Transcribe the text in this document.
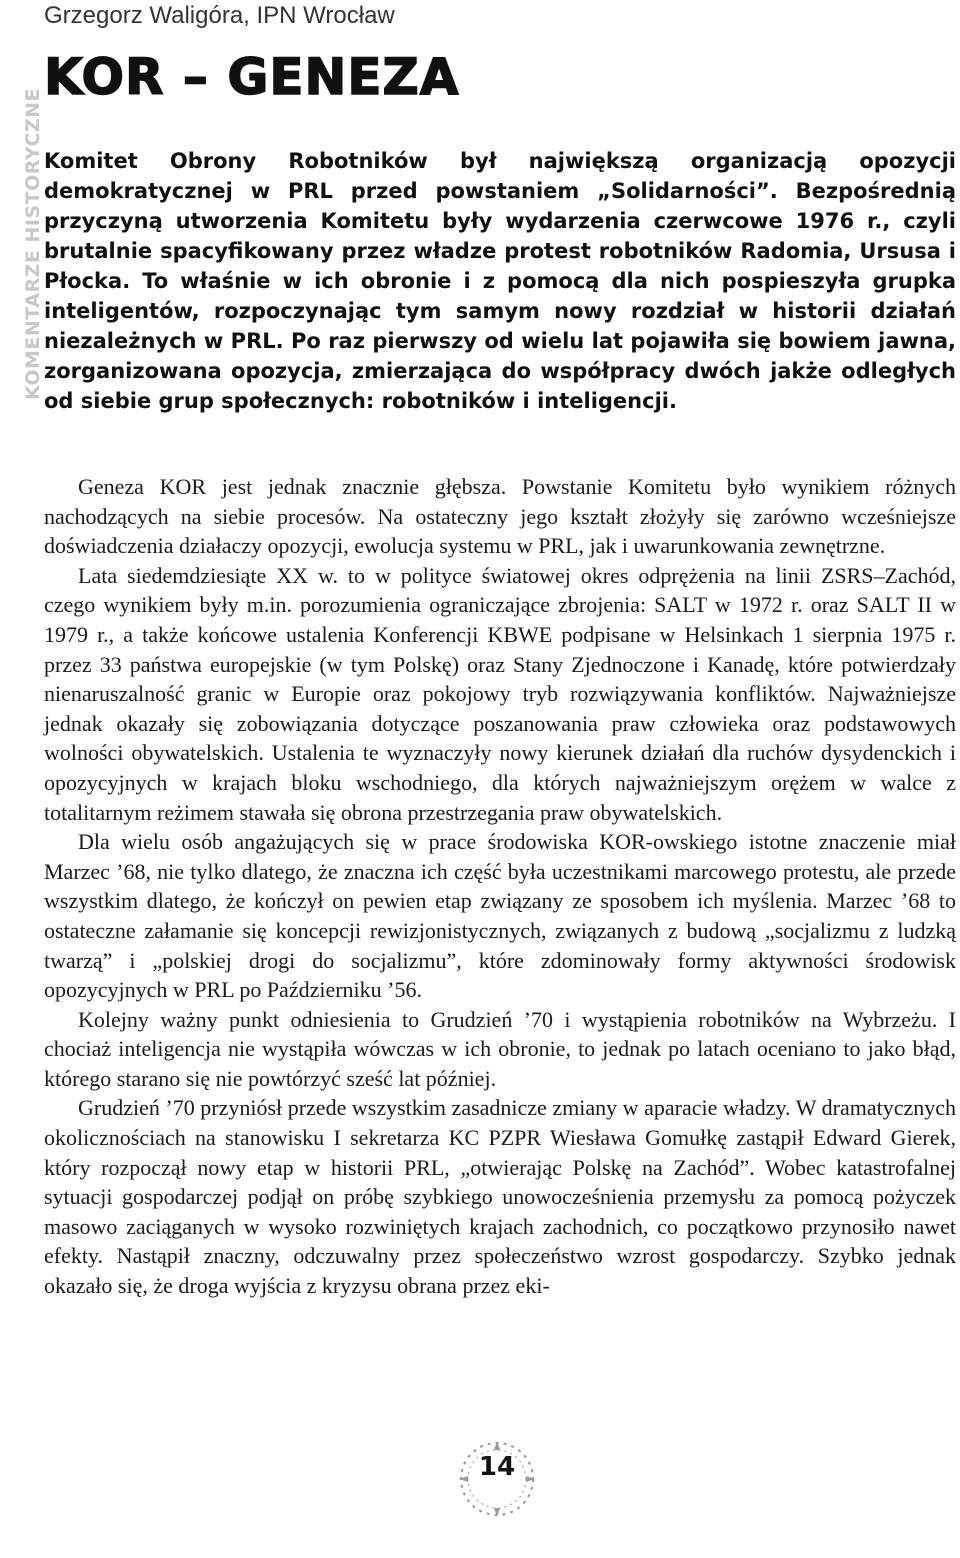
KOMENTARZE HISTORYCZNE
Grzegorz Waligóra, IPN Wrocław
KOR – GENEZA

Komitet Obrony Robotników był największą organizacją opozycji demokratycznej w PRL przed powstaniem „Solidarności”. Bezpośrednią przyczyną utworzenia Komitetu były wydarzenia czerwcowe 1976 r., czyli brutalnie spacyfikowany przez władze protest robotników Radomia, Ursusa i Płocka. To właśnie w ich obronie i z pomocą dla nich pospieszyła grupka inteligentów, rozpoczynając tym samym nowy rozdział w historii działań niezależnych w PRL. Po raz pierwszy od wielu lat pojawiła się bowiem jawna, zorganizowana opozycja, zmierzająca do współpracy dwóch jakże odległych od siebie grup społecznych: robotników i inteligencji.

Geneza KOR jest jednak znacznie głębsza. Powstanie Komitetu było wynikiem różnych nachodzących na siebie procesów. Na ostateczny jego kształt złożyły się zarówno wcześniejsze doświadczenia działaczy opozycji, ewolucja systemu w PRL, jak i uwarunkowania zewnętrzne.

Lata siedemdziesiąte XX w. to w polityce światowej okres odprężenia na linii ZSRS–Zachód, czego wynikiem były m.in. porozumienia ograniczające zbrojenia: SALT w 1972 r. oraz SALT II w 1979 r., a także końcowe ustalenia Konferencji KBWE podpisane w Helsinkach 1 sierpnia 1975 r. przez 33 państwa europejskie (w tym Polskę) oraz Stany Zjednoczone i Kanadę, które potwierdzały nienaruszalność granic w Europie oraz pokojowy tryb rozwiązywania konfliktów. Najważniejsze jednak okazały się zobowiązania dotyczące poszanowania praw człowieka oraz podstawowych wolności obywatelskich. Ustalenia te wyznaczyły nowy kierunek działań dla ruchów dysydenckich i opozycyjnych w krajach bloku wschodniego, dla których najważniejszym orężem w walce z totalitarnym reżimem stawała się obrona przestrzegania praw obywatelskich.

Dla wielu osób angażujących się w prace środowiska KOR-owskiego istotne znaczenie miał Marzec ’68, nie tylko dlatego, że znaczna ich część była uczestnikami marcowego protestu, ale przede wszystkim dlatego, że kończył on pewien etap związany ze sposobem ich myślenia. Marzec ’68 to ostateczne załamanie się koncepcji rewizjonistycznych, związanych z budową „socjalizmu z ludzką twarzą” i „polskiej drogi do socjalizmu”, które zdominowały formy aktywności środowisk opozycyjnych w PRL po Październiku ’56.

Kolejny ważny punkt odniesienia to Grudzień ’70 i wystąpienia robotników na Wybrzeżu. I chociaż inteligencja nie wystąpiła wówczas w ich obronie, to jednak po latach oceniano to jako błąd, którego starano się nie powtórzyć sześć lat później.

Grudzień ’70 przyniósł przede wszystkim zasadnicze zmiany w aparacie władzy. W dramatycznych okolicznościach na stanowisku I sekretarza KC PZPR Wiesława Gomułkę zastąpił Edward Gierek, który rozpoczął nowy etap w historii PRL, „otwierając Polskę na Zachód”. Wobec katastrofalnej sytuacji gospodarczej podjął on próbę szybkiego unowocześnienia przemysłu za pomocą pożyczek masowo zaciąganych w wysoko rozwiniętych krajach zachodnich, co początkowo przynosiło nawet efekty. Nastąpił znaczny, odczuwalny przez społeczeństwo wzrost gospodarczy. Szybko jednak okazało się, że droga wyjścia z kryzysu obrana przez eki-

14
